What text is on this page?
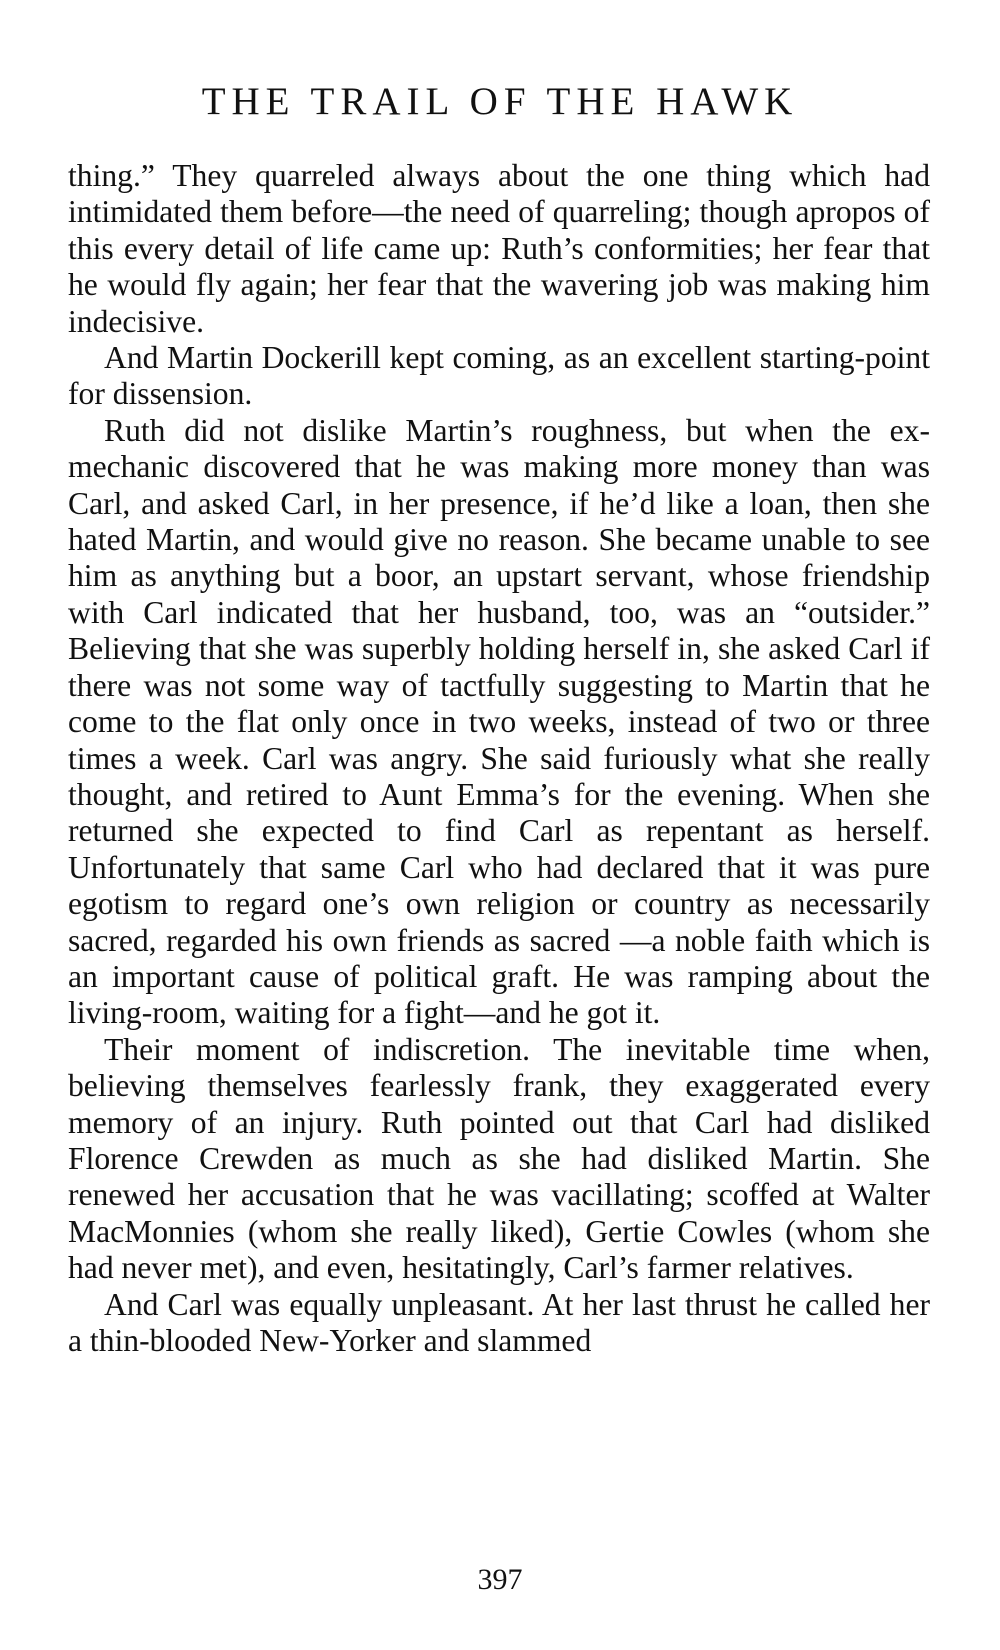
THE TRAIL OF THE HAWK

thing.” They quarreled always about the one thing which had intimidated them before—the need of quarreling; though apropos of this every detail of life came up: Ruth’s conformities; her fear that he would fly again; her fear that the wavering job was making him indecisive.

And Martin Dockerill kept coming, as an excellent starting-point for dissension.

Ruth did not dislike Martin’s roughness, but when the ex-mechanic discovered that he was making more money than was Carl, and asked Carl, in her presence, if he’d like a loan, then she hated Martin, and would give no reason. She became unable to see him as anything but a boor, an upstart servant, whose friendship with Carl indicated that her husband, too, was an “outsider.” Believing that she was superbly holding herself in, she asked Carl if there was not some way of tactfully suggesting to Martin that he come to the flat only once in two weeks, instead of two or three times a week. Carl was angry. She said furiously what she really thought, and retired to Aunt Emma’s for the evening. When she returned she expected to find Carl as repentant as herself. Unfortunately that same Carl who had declared that it was pure egotism to regard one’s own religion or country as necessarily sacred, regarded his own friends as sacred —a noble faith which is an important cause of political graft. He was ramping about the living-room, waiting for a fight—and he got it.

Their moment of indiscretion. The inevitable time when, believing themselves fearlessly frank, they exaggerated every memory of an injury. Ruth pointed out that Carl had disliked Florence Crewden as much as she had disliked Martin. She renewed her accusation that he was vacillating; scoffed at Walter MacMonnies (whom she really liked), Gertie Cowles (whom she had never met), and even, hesitatingly, Carl’s farmer relatives.

And Carl was equally unpleasant. At her last thrust he called her a thin-blooded New-Yorker and slammed

397
